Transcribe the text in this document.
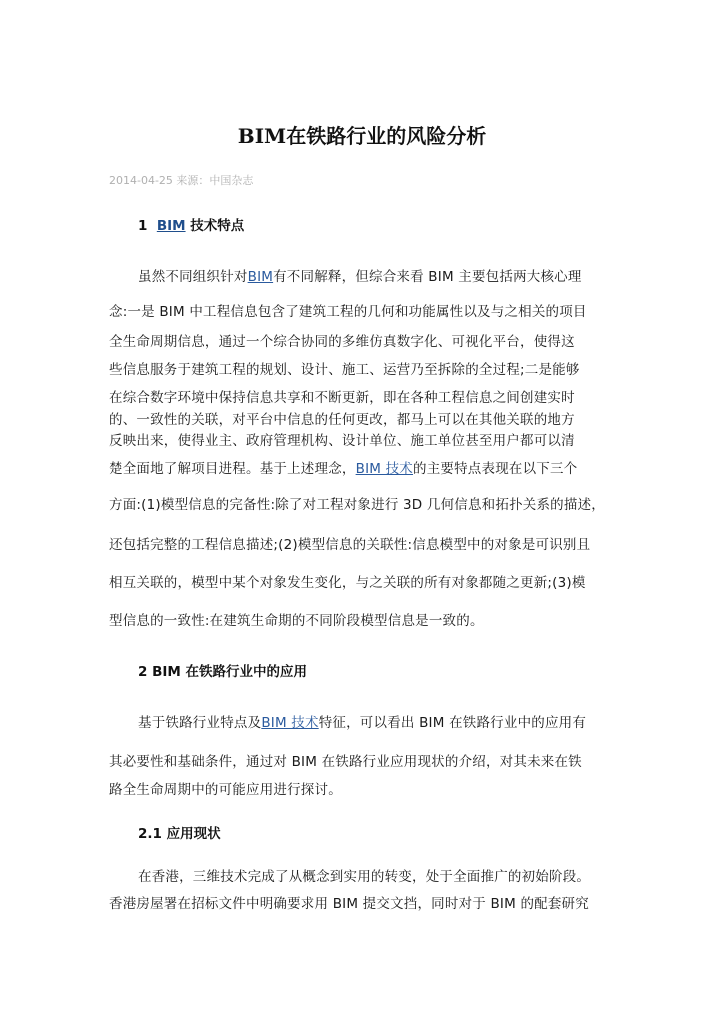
BIM在铁路行业的风险分析
2014-04-25 来源：中国杂志
1 BIM 技术特点
虽然不同组织针对BIM有不同解释，但综合来看 BIM 主要包括两大核心理
念:一是 BIM 中工程信息包含了建筑工程的几何和功能属性以及与之相关的项目
全生命周期信息，通过一个综合协同的多维仿真数字化、可视化平台，使得这
些信息服务于建筑工程的规划、设计、施工、运营乃至拆除的全过程;二是能够
在综合数字环境中保持信息共享和不断更新，即在各种工程信息之间创建实时
的、一致性的关联，对平台中信息的任何更改，都马上可以在其他关联的地方
反映出来，使得业主、政府管理机构、设计单位、施工单位甚至用户都可以清
楚全面地了解项目进程。基于上述理念，BIM 技术的主要特点表现在以下三个
方面:(1)模型信息的完备性:除了对工程对象进行 3D 几何信息和拓扑关系的描述，
还包括完整的工程信息描述;(2)模型信息的关联性:信息模型中的对象是可识别且
相互关联的，模型中某个对象发生变化，与之关联的所有对象都随之更新;(3)模
型信息的一致性:在建筑生命期的不同阶段模型信息是一致的。
2 BIM 在铁路行业中的应用
基于铁路行业特点及BIM 技术特征，可以看出 BIM 在铁路行业中的应用有
其必要性和基础条件，通过对 BIM 在铁路行业应用现状的介绍，对其未来在铁
路全生命周期中的可能应用进行探讨。
2.1 应用现状
在香港，三维技术完成了从概念到实用的转变，处于全面推广的初始阶段。
香港房屋署在招标文件中明确要求用 BIM 提交文挡，同时对于 BIM 的配套研究
